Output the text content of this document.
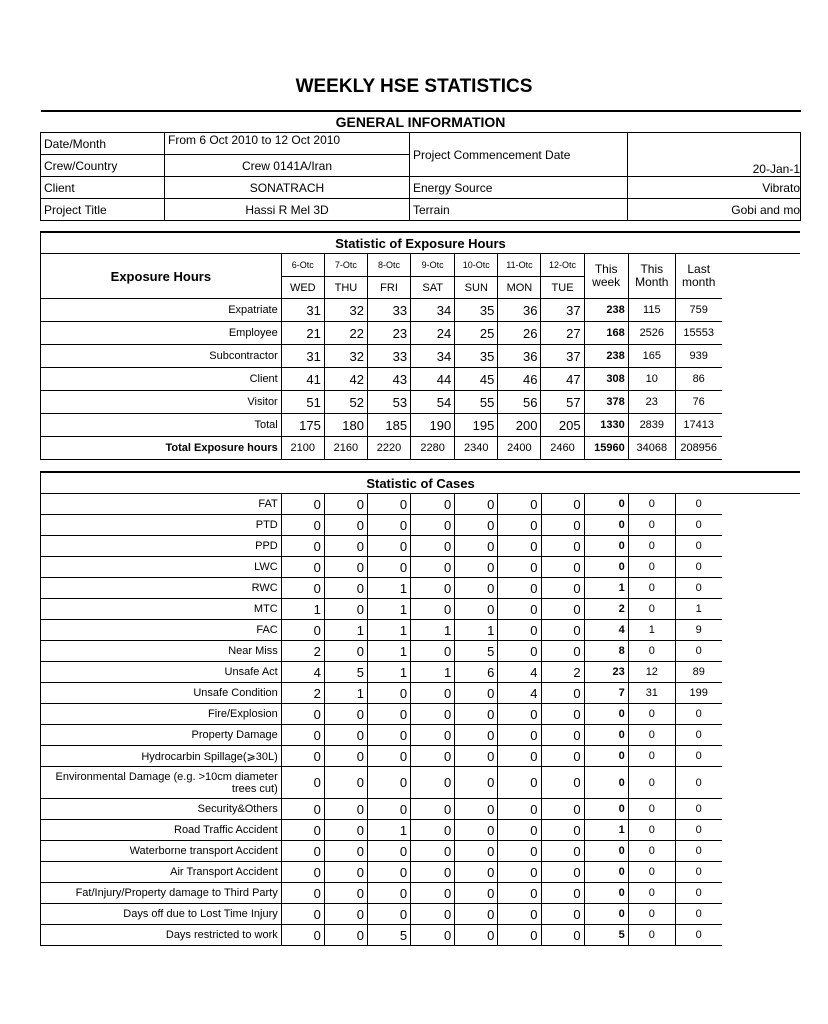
WEEKLY HSE STATISTICS
GENERAL INFORMATION			
Date/Month	From 6 Oct 2010 to 12 Oct 2010	Project Commencement Date	20-Jan-1
Crew/Country	Crew 0141A/Iran		
Client	SONATRACH	Energy Source	Vibrato
Project Title	Hassi R Mel 3D	Terrain	Gobi and mo
Statistic of Exposure Hours										
Exposure Hours	6-Otc	7-Otc	8-Otc	9-Otc	10-Otc	11-Otc	12-Otc	This week	This Month	Last month
	WED	THU	FRI	SAT	SUN	MON	TUE			
Expatriate	31	32	33	34	35	36	37	238	115	759
Employee	21	22	23	24	25	26	27	168	2526	15553
Subcontractor	31	32	33	34	35	36	37	238	165	939
Client	41	42	43	44	45	46	47	308	10	86
Visitor	51	52	53	54	55	56	57	378	23	76
Total	175	180	185	190	195	200	205	1330	2839	17413
Total Exposure hours	2100	2160	2220	2280	2340	2400	2460	15960	34068	208956
Statistic of Cases										
FAT	0	0	0	0	0	0	0	0	0	0
PTD	0	0	0	0	0	0	0	0	0	0
PPD	0	0	0	0	0	0	0	0	0	0
LWC	0	0	0	0	0	0	0	0	0	0
RWC	0	0	1	0	0	0	0	1	0	0
MTC	1	0	1	0	0	0	0	2	0	1
FAC	0	1	1	1	1	0	0	4	1	9
Near Miss	2	0	1	0	5	0	0	8	0	0
Unsafe Act	4	5	1	1	6	4	2	23	12	89
Unsafe Condition	2	1	0	0	0	4	0	7	31	199
Fire/Explosion	0	0	0	0	0	0	0	0	0	0
Property Damage	0	0	0	0	0	0	0	0	0	0
Hydrocarbin Spillage(⩾30L)	0	0	0	0	0	0	0	0	0	0
Environmental Damage (e.g. >10cm diameter trees cut)	0	0	0	0	0	0	0	0	0	0
Security&Others	0	0	0	0	0	0	0	0	0	0
Road Traffic Accident	0	0	1	0	0	0	0	1	0	0
Waterborne transport Accident	0	0	0	0	0	0	0	0	0	0
Air Transport Accident	0	0	0	0	0	0	0	0	0	0
Fat/Injury/Property damage to Third Party	0	0	0	0	0	0	0	0	0	0
Days off due to Lost Time Injury	0	0	0	0	0	0	0	0	0	0
Days restricted to work	0	0	5	0	0	0	0	5	0	0
